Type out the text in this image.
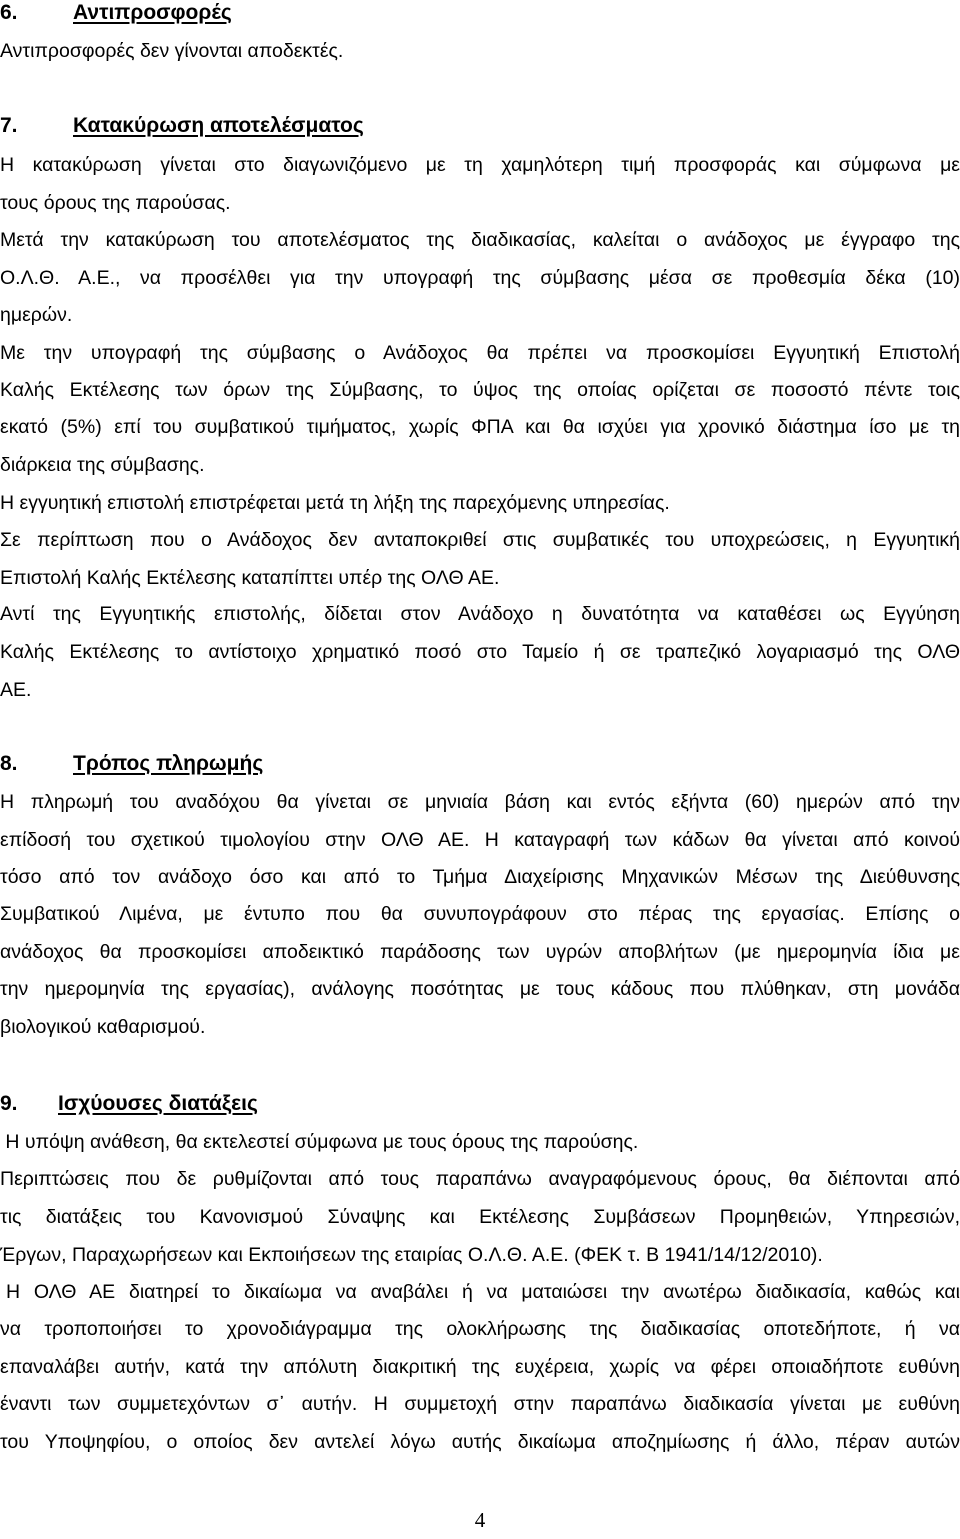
6.	Αντιπροσφορές
Αντιπροσφορές δεν γίνονται αποδεκτές.
7.	Κατακύρωση αποτελέσματος
Η κατακύρωση γίνεται στο διαγωνιζόμενο με τη χαμηλότερη τιμή προσφοράς και σύμφωνα με
τους όρους της παρούσας.
Μετά την κατακύρωση του αποτελέσματος της διαδικασίας, καλείται ο ανάδοχος με έγγραφο της
Ο.Λ.Θ. Α.Ε., να προσέλθει για την υπογραφή της σύμβασης μέσα σε προθεσμία δέκα (10)
ημερών.
Με την υπογραφή της σύμβασης ο Ανάδοχος θα πρέπει να προσκομίσει Εγγυητική Επιστολή
Καλής Εκτέλεσης των όρων της Σύμβασης, το ύψος της οποίας ορίζεται σε ποσοστό πέντε τοις
εκατό (5%) επί του συμβατικού τιμήματος, χωρίς ΦΠΑ και θα ισχύει για χρονικό διάστημα ίσο με τη
διάρκεια της σύμβασης.
Η εγγυητική επιστολή επιστρέφεται μετά τη λήξη της παρεχόμενης υπηρεσίας.
Σε περίπτωση που ο Ανάδοχος δεν ανταποκριθεί στις συμβατικές του υποχρεώσεις, η Εγγυητική
Επιστολή Καλής Εκτέλεσης καταπίπτει υπέρ της ΟΛΘ ΑΕ.
Αντί της Εγγυητικής επιστολής, δίδεται στον Ανάδοχο η δυνατότητα να καταθέσει ως Εγγύηση
Καλής Εκτέλεσης το αντίστοιχο χρηματικό ποσό στο Ταμείο ή σε τραπεζικό λογαριασμό της ΟΛΘ
ΑΕ.
8.	Τρόπος πληρωμής
Η πληρωμή του αναδόχου θα γίνεται σε μηνιαία βάση και εντός εξήντα (60) ημερών από την
επίδοσή του σχετικού τιμολογίου στην ΟΛΘ ΑΕ. Η καταγραφή των κάδων θα γίνεται από κοινού
τόσο από τον ανάδοχο όσο και από το Τμήμα Διαχείρισης Μηχανικών Μέσων της Διεύθυνσης
Συμβατικού Λιμένα, με έντυπο που θα συνυπογράφουν στο πέρας της εργασίας. Επίσης ο
ανάδοχος θα προσκομίσει αποδεικτικό παράδοσης των υγρών αποβλήτων (με ημερομηνία ίδια με
την ημερομηνία της εργασίας), ανάλογης ποσότητας με τους κάδους που πλύθηκαν, στη μονάδα
βιολογικού καθαρισμού.
9. Ισχύουσες διατάξεις
Η υπόψη ανάθεση, θα εκτελεστεί σύμφωνα με τους όρους της παρούσης.
Περιπτώσεις που δε ρυθμίζονται από τους παραπάνω αναγραφόμενους όρους, θα διέπονται από
τις διατάξεις του Κανονισμού Σύναψης και Εκτέλεσης Συμβάσεων Προμηθειών, Υπηρεσιών,
Έργων, Παραχωρήσεων και Εκποιήσεων της εταιρίας Ο.Λ.Θ. Α.Ε. (ΦΕΚ τ. Β 1941/14/12/2010).
Η ΟΛΘ ΑΕ διατηρεί το δικαίωμα να αναβάλει ή να ματαιώσει την ανωτέρω διαδικασία, καθώς και
να τροποποιήσει το χρονοδιάγραμμα της ολοκλήρωσης της διαδικασίας οποτεδήποτε, ή να
επαναλάβει αυτήν, κατά την απόλυτη διακριτική της ευχέρεια, χωρίς να φέρει οποιαδήποτε ευθύνη
έναντι των συμμετεχόντων σ᾽ αυτήν. Η συμμετοχή στην παραπάνω διαδικασία γίνεται με ευθύνη
του Υποψηφίου, ο οποίος δεν αντελεί λόγω αυτής δικαίωμα αποζημίωσης ή άλλο, πέραν αυτών
4
